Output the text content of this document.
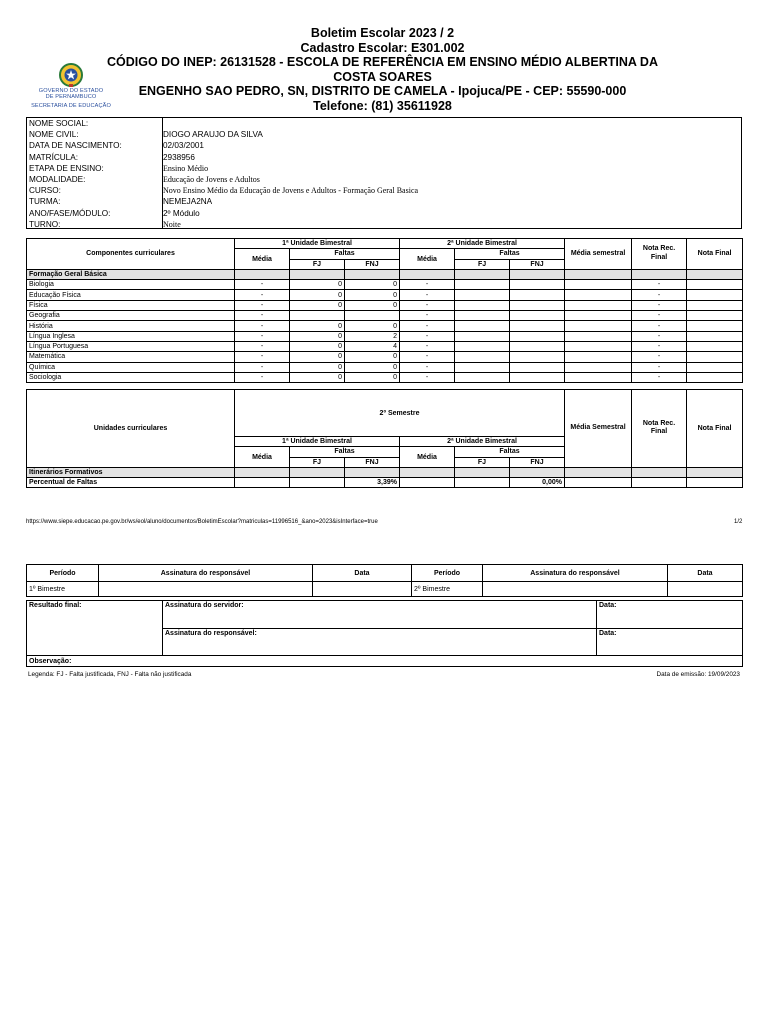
GOVERNO DO ESTADO
DE PERNAMBUCO
SECRETARIA DE EDUCAÇÃO
Boletim Escolar 2023 / 2
Cadastro Escolar: E301.002
CÓDIGO DO INEP: 26131528 - ESCOLA DE REFERÊNCIA EM ENSINO MÉDIO ALBERTINA DA
COSTA SOARES
ENGENHO SAO PEDRO, SN, DISTRITO DE CAMELA - Ipojuca/PE - CEP: 55590-000
Telefone: (81) 35611928
NOME SOCIAL:
NOME CIVIL:	DIOGO ARAUJO DA SILVA
DATA DE NASCIMENTO:	02/03/2001
MATRÍCULA:	2938956
ETAPA DE ENSINO:	Ensino Médio
MODALIDADE:	Educação de Jovens e Adultos
CURSO:	Novo Ensino Médio da Educação de Jovens e Adultos - Formação Geral Basica
TURMA:	NEMEJA2NA
ANO/FASE/MÓDULO:	2º Módulo
TURNO:	Noite
Componentes curriculares	1ª Unidade Bimestral			2ª Unidade Bimestral			Média semestral	Nota Rec. Final	Nota Final
	Média	Faltas		Média	Faltas				
		FJ	FNJ		FJ	FNJ			
Formação Geral Básica									
Biologia	-	0	0	-				-	
Educação Física	-	0	0	-				-	
Física	-	0	0	-				-	
Geografia	-			-				-	
História	-	0	0	-				-	
Língua Inglesa	-	0	2	-				-	
Língua Portuguesa	-	0	4	-				-	
Matemática	-	0	0	-				-	
Química	-	0	0	-				-	
Sociologia	-	0	0	-				-	
Unidades curriculares	2º Semestre						Média Semestral	Nota Rec. Final	Nota Final
	1ª Unidade Bimestral			2ª Unidade Bimestral					
	Média	Faltas		Média	Faltas				
		FJ	FNJ		FJ	FNJ			
Itinerários Formativos									
Percentual de Faltas			3,39%			0,00%			
https://www.siepe.educacao.pe.gov.br/ws/eol/aluno/documentos/BoletimEscolar?matriculas=11996516_&ano=2023&isInterface=true	1/2
Período	Assinatura do responsável	Data	Período	Assinatura do responsável	Data
1º Bimestre			2º Bimestre		
Resultado final:	Assinatura do servidor:	Data:
	Assinatura do responsável:	Data:
Observação:		
Legenda: FJ - Falta justificada, FNJ - Falta não justificada	Data de emissão: 19/09/2023
